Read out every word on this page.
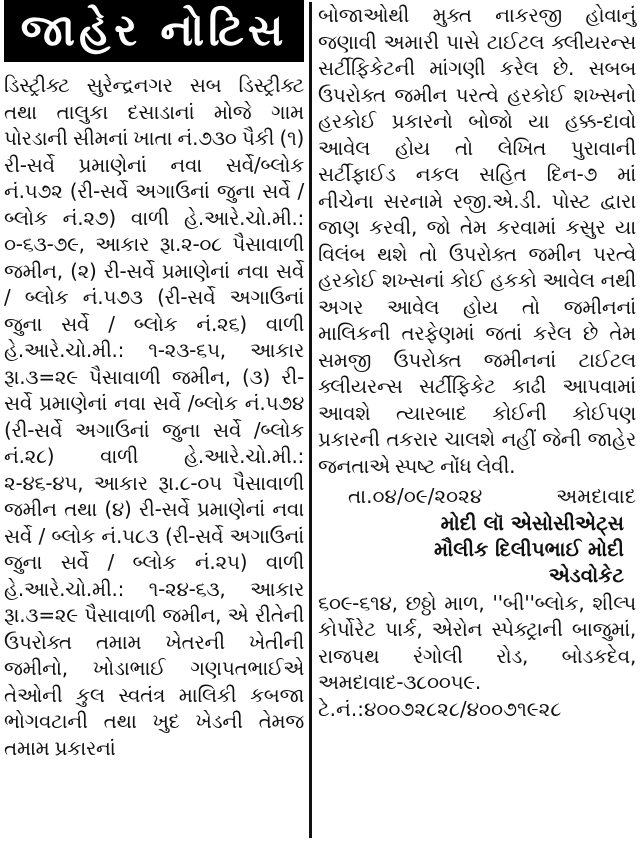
જાહેર નોટિસ

ડિસ્ટ્રીક્ટ સુરેન્દ્રનગર સબ ડિસ્ટ્રીક્ટ તથા તાલુકા દસાડાનાં મોજે ગામ પોરડાની સીમનાં ખાતા નં.૭૩૦ પૈકી (૧) રી-સર્વે પ્રમાણેનાં નવા સર્વે/બ્લોક નં.૫૭૨ (રી-સર્વે અગાઉનાં જુના સર્વે / બ્લોક નં.૨૭) વાળી હે.આરે.ચો.મી.: ૦-૬૩-૭૯, આકાર રૂા.૨-૦૮ પૈસાવાળી જમીન, (૨) રી-સર્વે પ્રમાણેનાં નવા સર્વે / બ્લોક નં.૫૭૩ (રી-સર્વે અગાઉનાં જુના સર્વે / બ્લોક નં.૨૬) વાળી હે.આરે.ચો.મી.: ૧-૨૩-૬૫, આકાર રૂા.૩=૨૯ પૈસાવાળી જમીન, (૩) રી-સર્વે પ્રમાણેનાં નવા સર્વે /બ્લોક નં.૫૭૪ (રી-સર્વે અગાઉનાં જુના સર્વે /બ્લોક નં.૨૮) વાળી હે.આરે.ચો.મી.: ૨-૪૬-૪૫, આકાર રૂા.૮-૦૫ પૈસાવાળી જમીન તથા (૪) રી-સર્વે પ્રમાણેનાં નવા સર્વે / બ્લોક નં.૫૮૩ (રી-સર્વે અગાઉનાં જુના સર્વે / બ્લોક નં.૨૫) વાળી હે.આરે.ચો.મી.: ૧-૨૪-૬૩, આકાર રૂા.૩=૨૯ પૈસાવાળી જમીન, એ રીતેની ઉપરોક્ત તમામ ખેતરની ખેતીની જમીનો, ખોડાભાઈ ગણપતભાઈએ તેઓની કુલ સ્વતંત્ર માલિકી કબજા ભોગવટાની તથા ખુદ ખેડની તેમજ તમામ પ્રકારનાં

બોજાઓથી મુક્ત નાકરજી હોવાનું જણાવી અમારી પાસે ટાઈટલ ક્લીયરન્સ સર્ટીફિકેટની માંગણી કરેલ છે. સબબ ઉપરોક્ત જમીન પરત્વે હરકોઈ શખ્સનો હરકોઈ પ્રકારનો બોજો યા હક્ક-દાવો આવેલ હોય તો લેખિત પુરાવાની સર્ટીફાઈડ નકલ સહિત દિન-૭ માં નીચેના સરનામે રજી.એ.ડી. પોસ્ટ દ્વારા જાણ કરવી, જો તેમ કરવામાં કસુર યા વિલંબ થશે તો ઉપરોક્ત જમીન પરત્વે હરકોઈ શખ્સનાં કોઈ હકકો આવેલ નથી અગર આવેલ હોય તો જમીનનાં માલિકની તરફેણમાં જતાં કરેલ છે તેમ સમજી ઉપરોક્ત જમીનનાં ટાઈટલ ક્લીયરન્સ સર્ટીફિકેટ કાઢી આપવામાં આવશે ત્યારબાદ કોઈની કોઈપણ પ્રકારની તકરાર ચાલશે નહીં જેની જાહેર જનતાએ સ્પષ્ટ નોંધ લેવી.

તા.૦૪/૦૯/૨૦૨૪	અમદાવાદ
મોદી લૉ એસોસીએટ્સ
મૌલીક દિલીપભાઈ મોદી
એડવોકેટ

૬૦૯-૬૧૪, છઠ્ઠો માળ, ''બી''બ્લોક, શીલ્પ કોર્પોરેટ પાર્ક, એરોન સ્પેક્ટ્રાની બાજુમાં, રાજપથ રંગોલી રોડ, બોડકદેવ, અમદાવાદ-૩૮૦૦૫૯.

ટે.નં.:૪૦૦૭૨૮૨૮/૪૦૦૭૧૯૨૮
